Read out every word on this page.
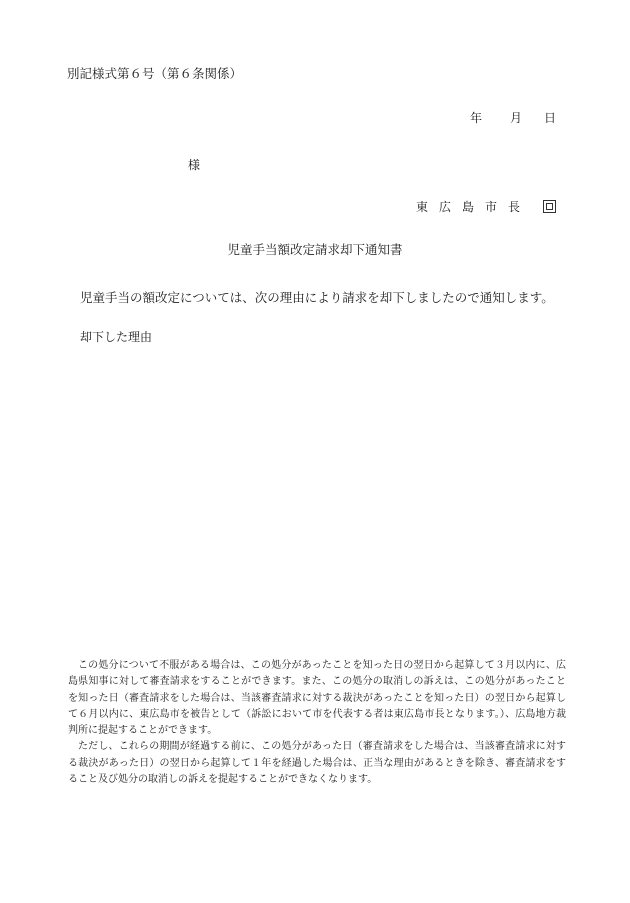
別記様式第６号（第６条関係）
年 月 日
様
東広島市長
児童手当額改定請求却下通知書
児童手当の額改定については、次の理由により請求を却下しましたので通知します。
却下した理由

この処分について不服がある場合は、この処分があったことを知った日の翌日から起算して３月以内に、広島県知事に対して審査請求をすることができます。また、この処分の取消しの訴えは、この処分があったことを知った日（審査請求をした場合は、当該審査請求に対する裁決があったことを知った日）の翌日から起算して６月以内に、東広島市を被告として（訴訟において市を代表する者は東広島市長となります。）、広島地方裁判所に提起することができます。

ただし、これらの期間が経過する前に、この処分があった日（審査請求をした場合は、当該審査請求に対する裁決があった日）の翌日から起算して１年を経過した場合は、正当な理由があるときを除き、審査請求をすること及び処分の取消しの訴えを提起することができなくなります。
